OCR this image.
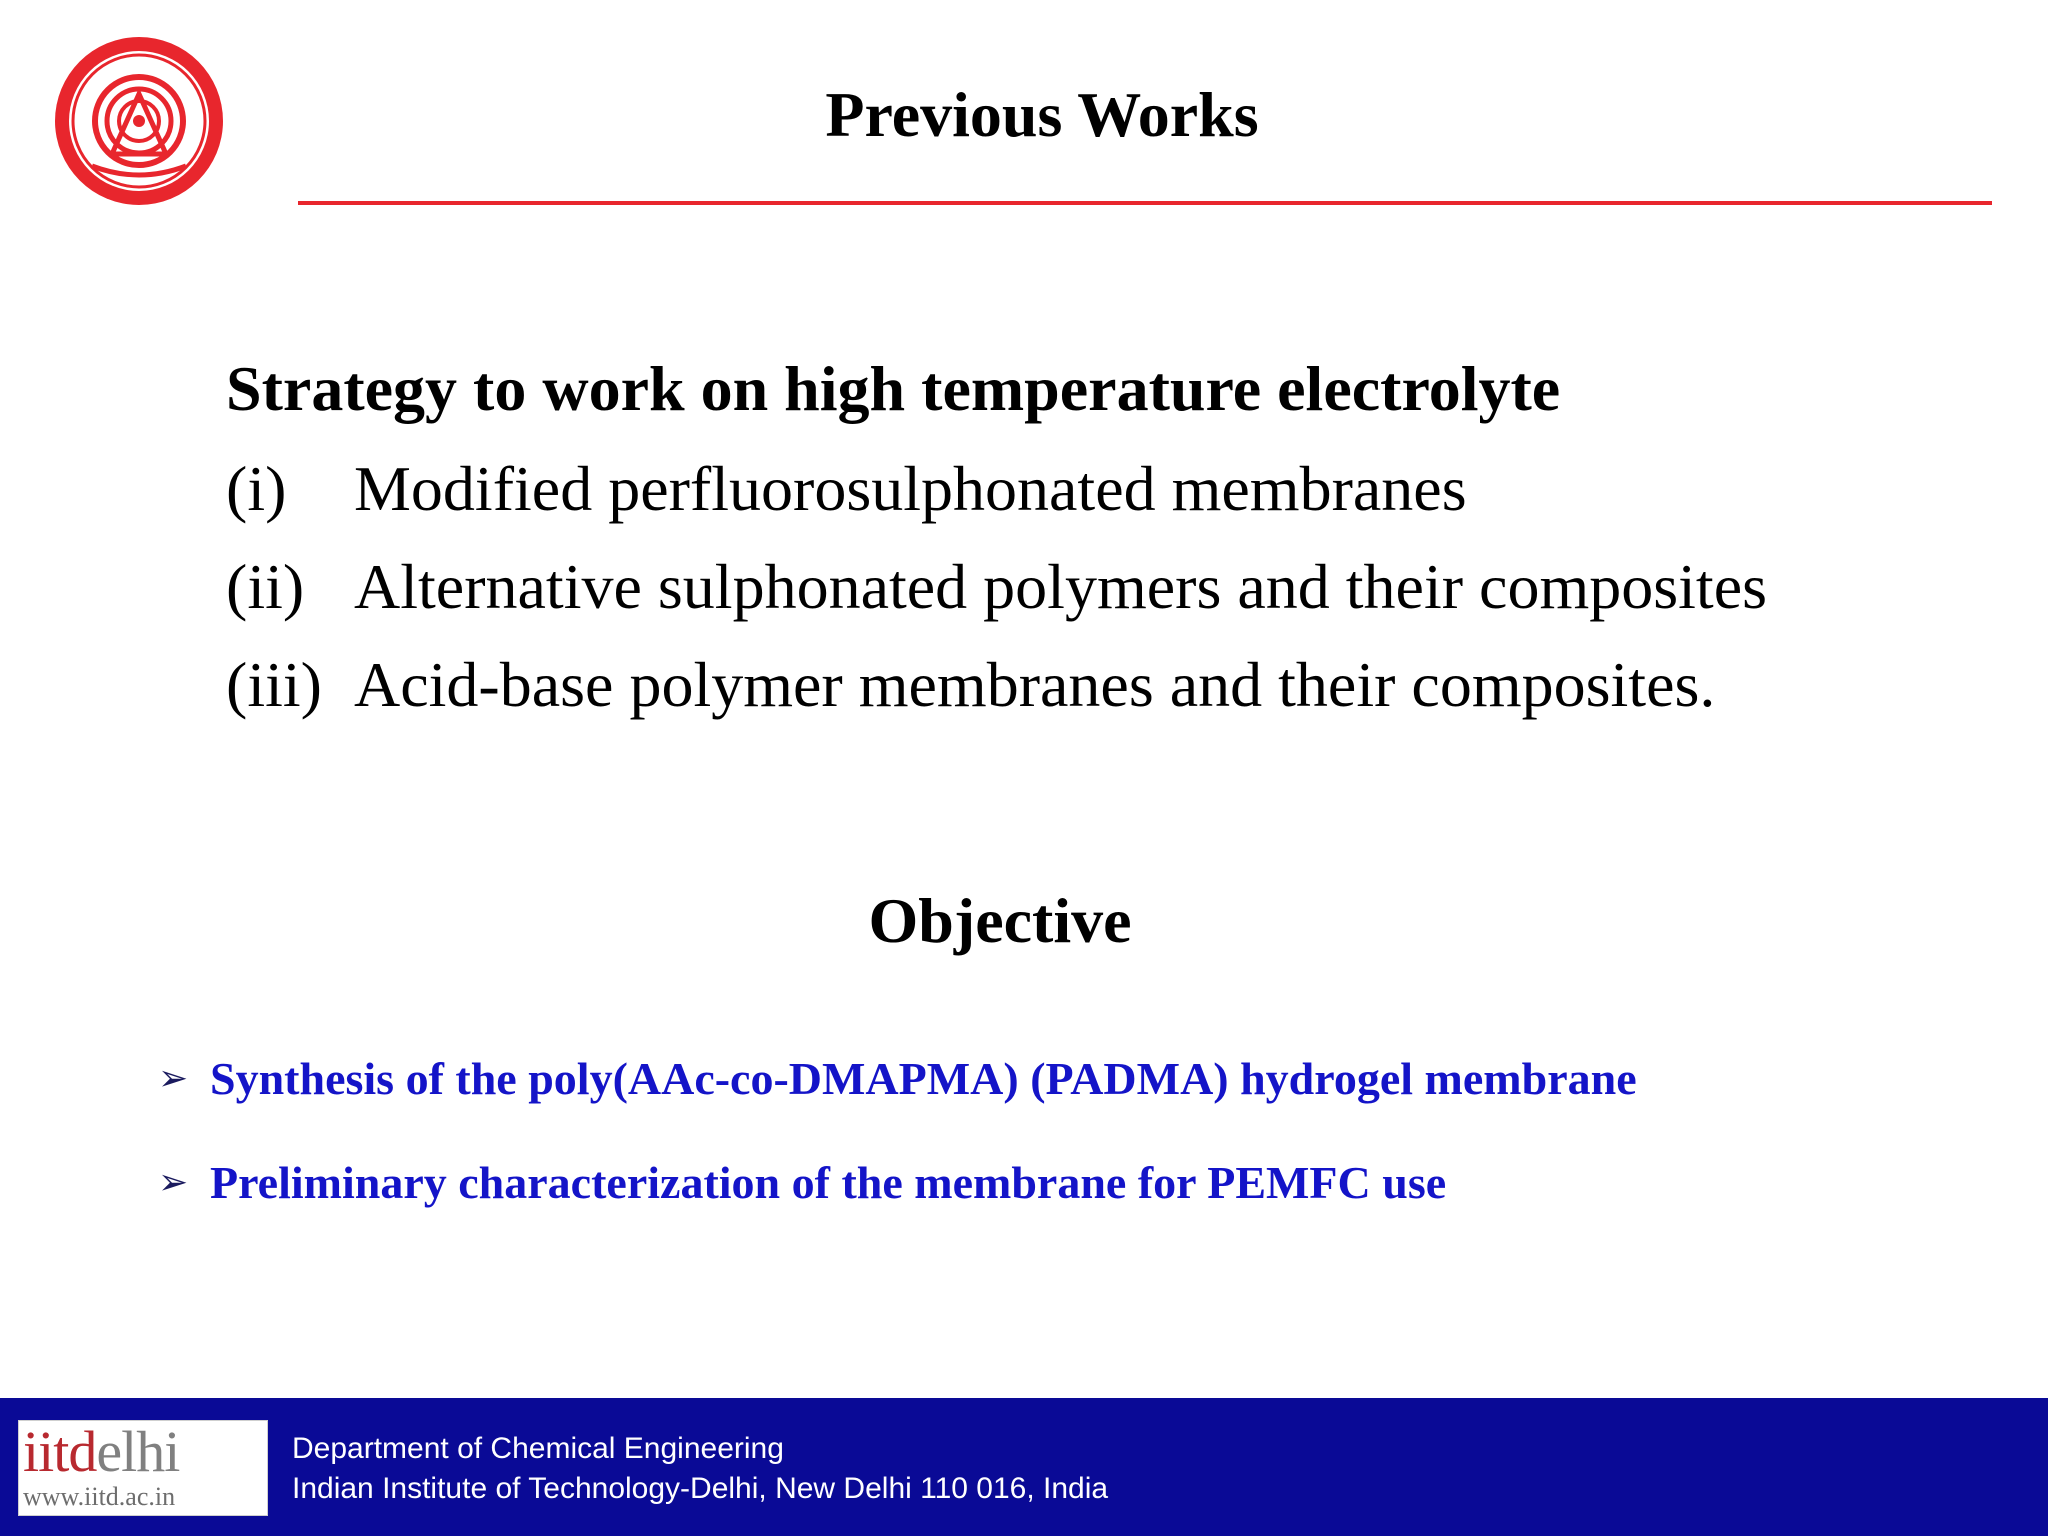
Previous Works
Strategy to work on high temperature electrolyte
(i)	Modified perfluorosulphonated membranes
(ii) Alternative sulphonated polymers and their composites
(iii) Acid-base polymer membranes and their composites.
Objective
➢ Synthesis of the poly(AAc-co-DMAPMA) (PADMA) hydrogel membrane
➢ Preliminary characterization of the membrane for PEMFC use
iitdelhi
www.iitd.ac.in
Department of Chemical Engineering
Indian Institute of Technology-Delhi, New Delhi 110 016, India
